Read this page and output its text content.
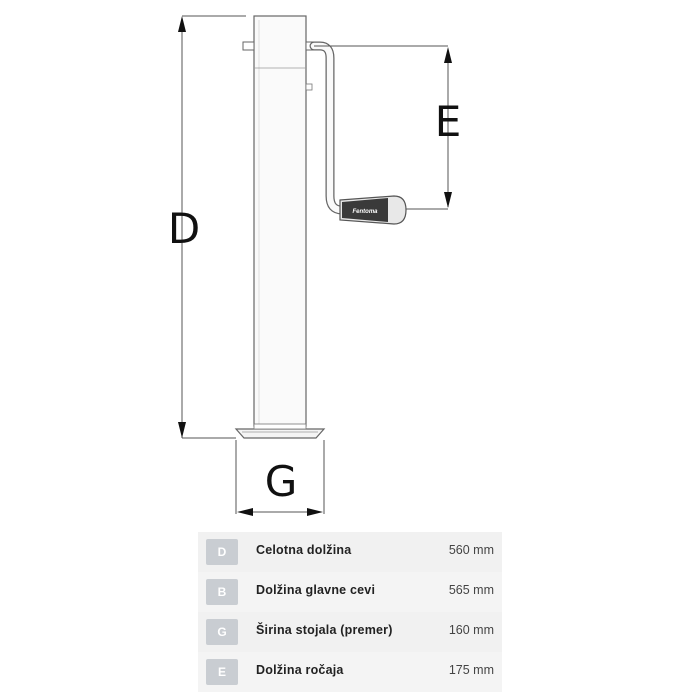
D	Fentoma
E
G
D	Celotna dolžina	560 mm
B	Dolžina glavne cevi	565 mm
G	Širina stojala (premer)	160 mm
E	Dolžina ročaja	175 mm
